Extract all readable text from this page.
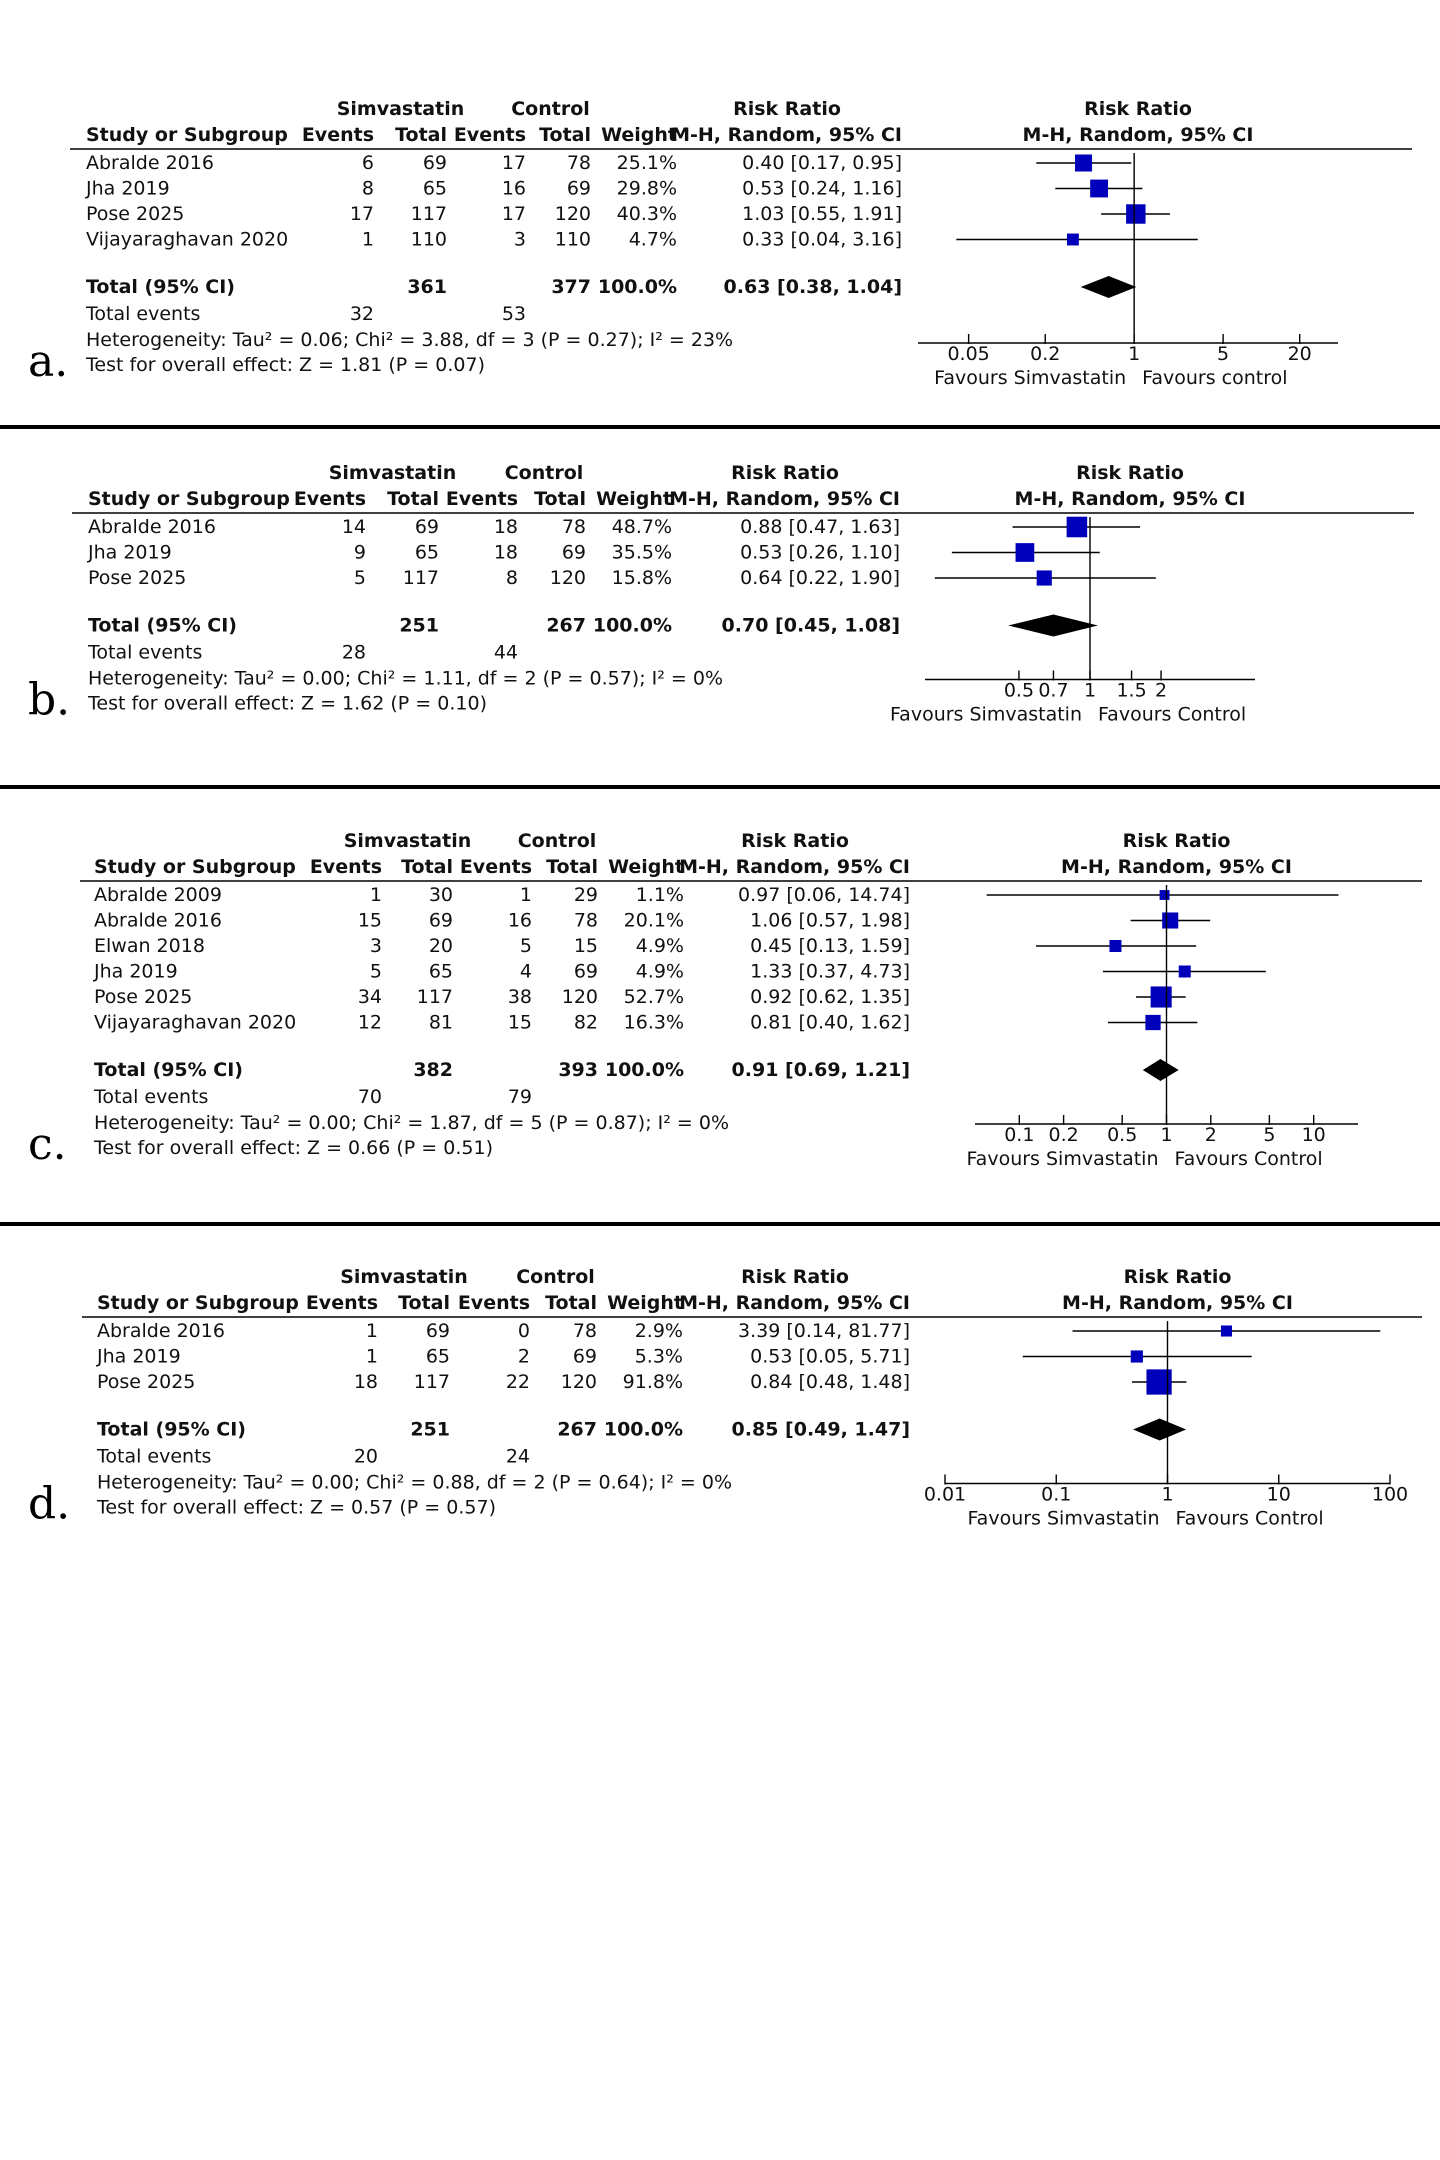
Simvastatin Control	Risk Ratio	Risk Ratio
Study or Subgroup Events Total Events Total Weight
M-H, Random, 95% CI	M-H, Random, 95% CI
Abralde 2016	6	69	17 78 25.1%	0.40 [0.17, 0.95]
Jha 2019	8	65	16 69 29.8%	0.53 [0.24, 1.16]
Pose 2025	17 117	17 120 40.3%	1.03 [0.55, 1.91]
Vijayaraghavan 2020	1 110	3 110 4.7%	0.33 [0.04, 3.16]
Total (95% CI)	361	377 100.0% 0.63 [0.38, 1.04]
Total events	32	53
Heterogeneity: Tau² = 0.06; Chi² = 3.88, df = 3 (P = 0.27); I² = 23%
Test for overall effect: Z = 1.81 (P = 0.07)
a.	0.05 0.2	1	5	20
Favours Simvastatin Favours control
Simvastatin	Control	Risk Ratio	Risk Ratio
Study or Subgroup Events Total Events Total Weight
M-H, Random, 95% CI	M-H, Random, 95% CI
Abralde 2016	14	69	18 78 48.7%	0.88 [0.47, 1.63]
Jha 2019	9	65	18 69 35.5%	0.53 [0.26, 1.10]
Pose 2025	5 117	8 120 15.8%	0.64 [0.22, 1.90]
Total (95% CI)	251	267 100.0%	0.70 [0.45, 1.08]
Total events	28	44
Heterogeneity: Tau² = 0.00; Chi² = 1.11, df = 2 (P = 0.57); I² = 0%
Test for overall effect: Z = 1.62 (P = 0.10)
b.	0.5 0.7 1 1.5 2
Favours Simvastatin Favours Control
Simvastatin Control	Risk Ratio	Risk Ratio
Study or Subgroup Events Total Events Total Weight
M-H, Random, 95% CI	M-H, Random, 95% CI
Abralde 2009	1 30	1 29 1.1%	0.97 [0.06, 14.74]
Abralde 2016	15 69	16 78 20.1%	1.06 [0.57, 1.98]
Elwan 2018	3 20	5 15 4.9%	0.45 [0.13, 1.59]
Jha 2019	5 65	4 69 4.9%	1.33 [0.37, 4.73]
Pose 2025	34 117	38 120 52.7%	0.92 [0.62, 1.35]
Vijayaraghavan 2020	12 81	15 82 16.3%	0.81 [0.40, 1.62]
Total (95% CI)	382	393 100.0%	0.91 [0.69, 1.21]
Total events	70	79
Heterogeneity: Tau² = 0.00; Chi² = 1.87, df = 5 (P = 0.87); I² = 0%
Test for overall effect: Z = 0.66 (P = 0.51)
c.	0.1 0.2 0.5 1 2 5 10
Favours Simvastatin Favours Control
Simvastatin	Control	Risk Ratio	Risk Ratio
Study or Subgroup Events Total Events Total Weight
M-H, Random, 95% CI	M-H, Random, 95% CI
Abralde 2016	1	69	0 78 2.9%	3.39 [0.14, 81.77]
Jha 2019	1	65	2 69 5.3%	0.53 [0.05, 5.71]
Pose 2025	18 117	22 120 91.8%	0.84 [0.48, 1.48]
Total (95% CI)	251	267 100.0%	0.85 [0.49, 1.47]
Total events	20	24
Heterogeneity: Tau² = 0.00; Chi² = 0.88, df = 2 (P = 0.64); I² = 0%
Test for overall effect: Z = 0.57 (P = 0.57)
d.	0.01	0.1	1	10	100
Favours Simvastatin Favours Control
